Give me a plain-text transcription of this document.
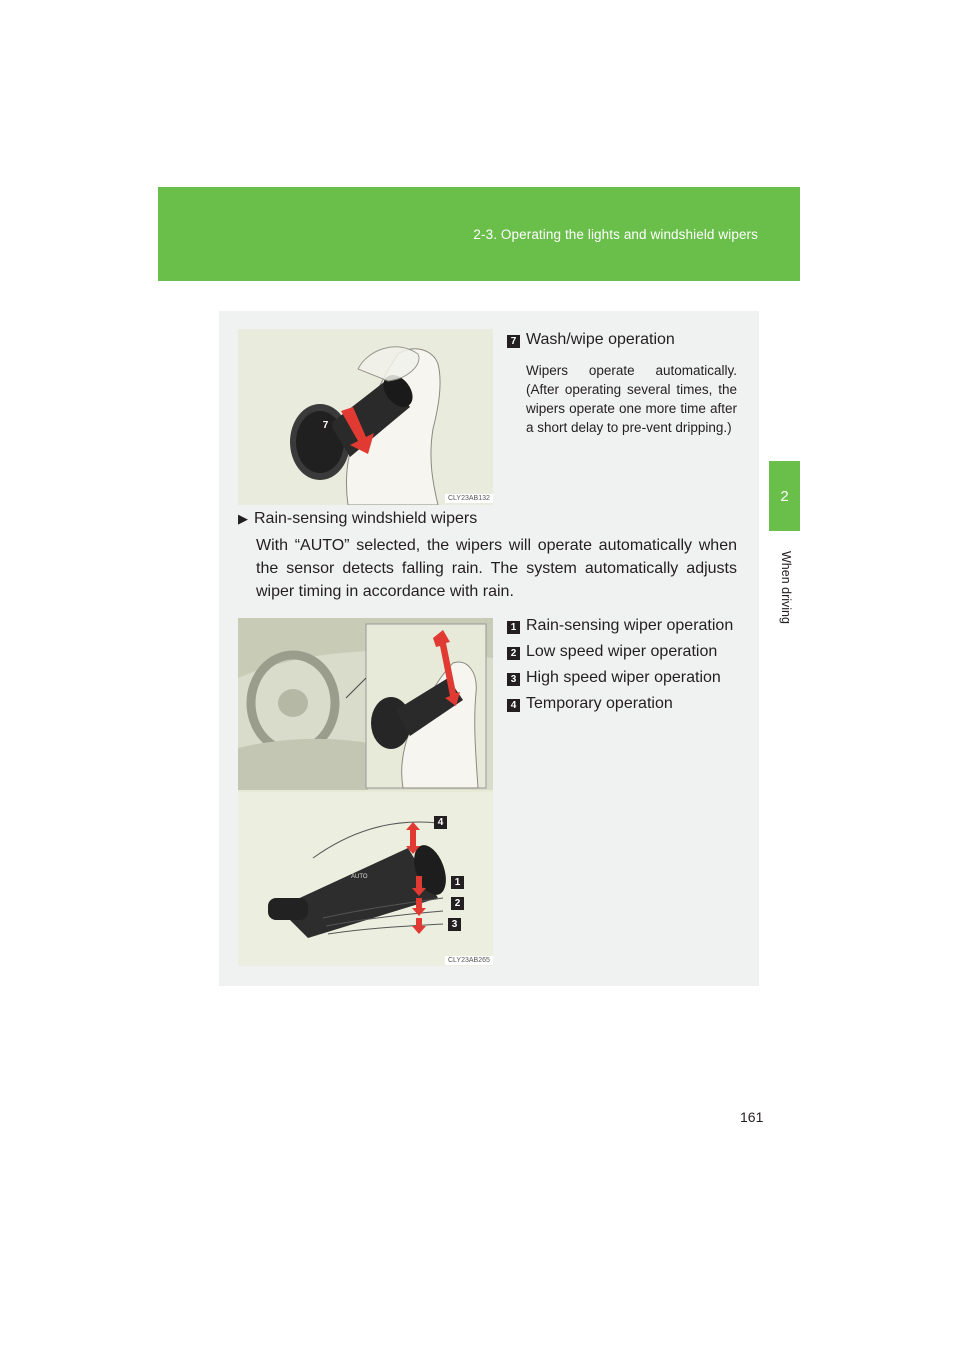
2-3. Operating the lights and windshield wipers
2
When driving
7
CLY23AB132
7 Wash/wipe operation

Wipers operate automatically. (After operating several times, the wipers operate one more time after a short delay to pre-vent dripping.)

▶ Rain-sensing windshield wipers

With “AUTO” selected, the wipers will operate automatically when the sensor detects falling rain. The system automatically adjusts wiper timing in accordance with rain.

AUTO
4
1
2
3
CLY23AB265
1 Rain-sensing wiper operation
2 Low speed wiper operation
3 High speed wiper operation
4 Temporary operation
161
